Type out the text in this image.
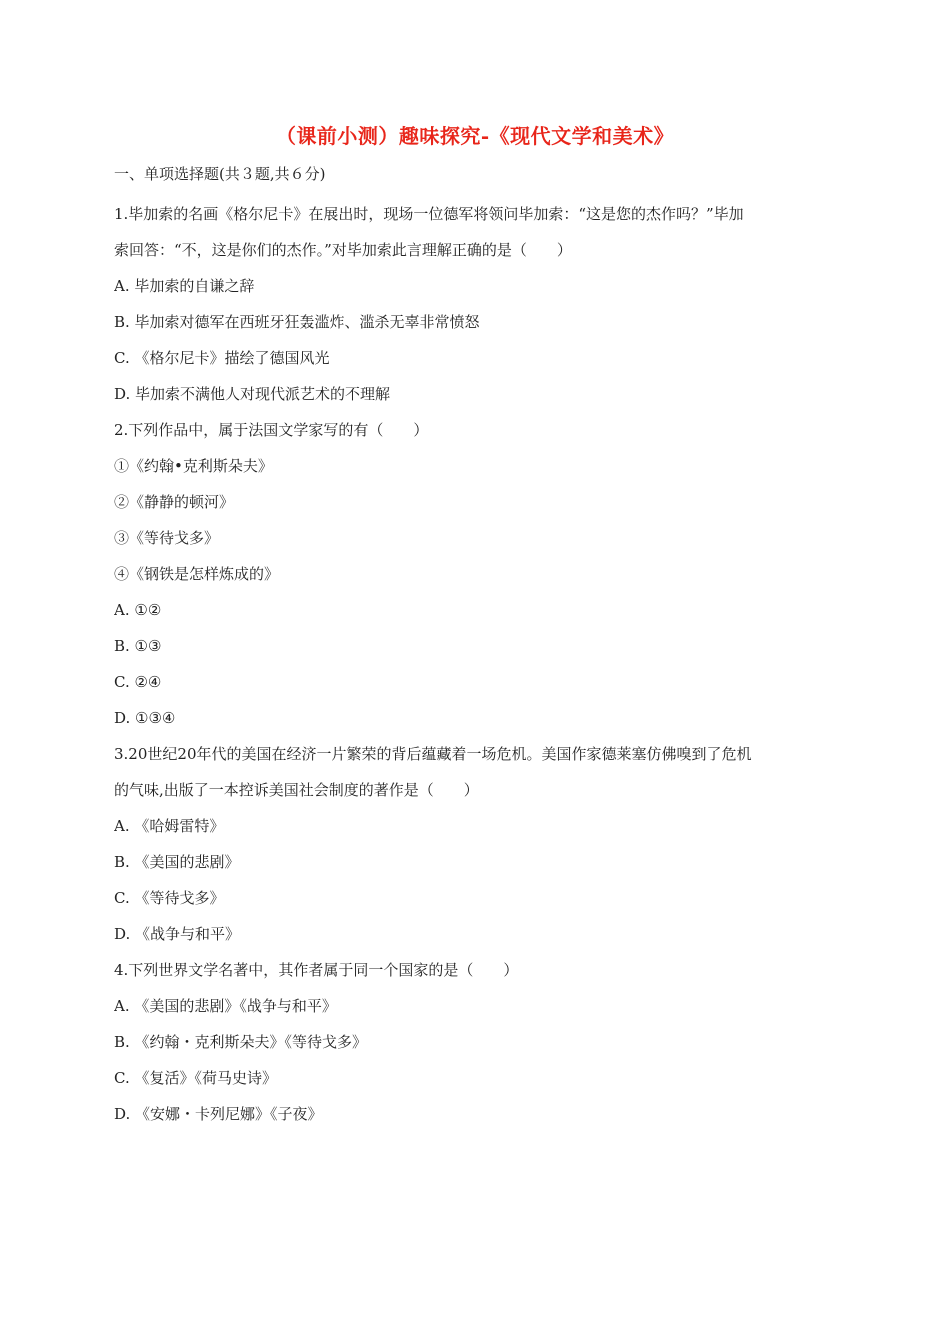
（课前小测）趣味探究-《现代文学和美术》
一、单项选择题(共３题,共６分)
1.毕加索的名画《格尔尼卡》在展出时，现场一位德军将领问毕加索：“这是您的杰作吗？”毕加
索回答：“不，这是你们的杰作。”对毕加索此言理解正确的是（　　）
A. 毕加索的自谦之辞
B. 毕加索对德军在西班牙狂轰滥炸、滥杀无辜非常愤怒
C. 《格尔尼卡》描绘了德国风光
D. 毕加索不满他人对现代派艺术的不理解
2.下列作品中，属于法国文学家写的有（　　）
①《约翰•克利斯朵夫》
②《静静的顿河》
③《等待戈多》
④《钢铁是怎样炼成的》
A. ①②
B. ①③
C. ②④
D. ①③④
3.20世纪20年代的美国在经济一片繁荣的背后蕴藏着一场危机。美国作家德莱塞仿佛嗅到了危机
的气味,出版了一本控诉美国社会制度的著作是（　　）
A. 《哈姆雷特》
B. 《美国的悲剧》
C. 《等待戈多》
D. 《战争与和平》
4.下列世界文学名著中，其作者属于同一个国家的是（　　）
A. 《美国的悲剧》《战争与和平》
B. 《约翰・克利斯朵夫》《等待戈多》
C. 《复活》《荷马史诗》
D. 《安娜・卡列尼娜》《子夜》
